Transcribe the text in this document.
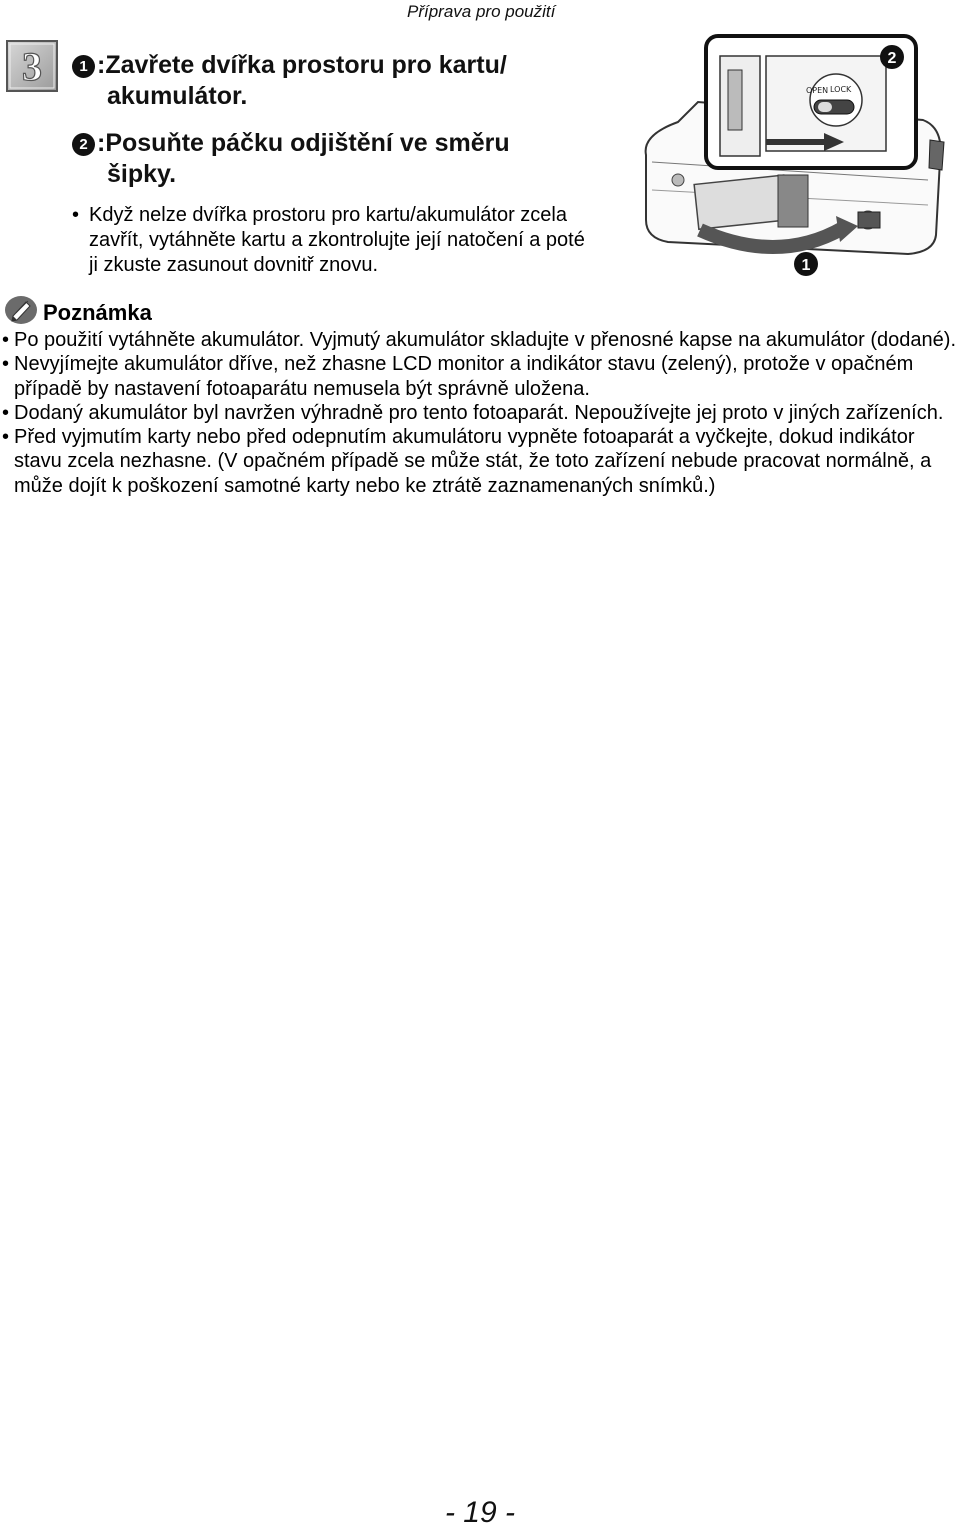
Příprava pro použití
3	1 :Zavřete dvířka prostoru pro kartu/
akumulátor.
2 :Posuňte páčku odjištění ve směru
šipky.
• Když nelze dvířka prostoru pro kartu/akumulátor zcela zavřít, vytáhněte kartu a zkontrolujte její natočení a poté ji zkuste zasunout dovnitř znovu.
OPEN LOCK
2
1
Poznámka
• Po použití vytáhněte akumulátor. Vyjmutý akumulátor skladujte v přenosné kapse na akumulátor (dodané).
• Nevyjímejte akumulátor dříve, než zhasne LCD monitor a indikátor stavu (zelený), protože v opačném případě by nastavení fotoaparátu nemusela být správně uložena.
• Dodaný akumulátor byl navržen výhradně pro tento fotoaparát. Nepoužívejte jej proto v jiných zařízeních.
• Před vyjmutím karty nebo před odepnutím akumulátoru vypněte fotoaparát a vyčkejte, dokud indikátor stavu zcela nezhasne. (V opačném případě se může stát, že toto zařízení nebude pracovat normálně, a může dojít k poškození samotné karty nebo ke ztrátě zaznamenaných snímků.)
- 19 -
